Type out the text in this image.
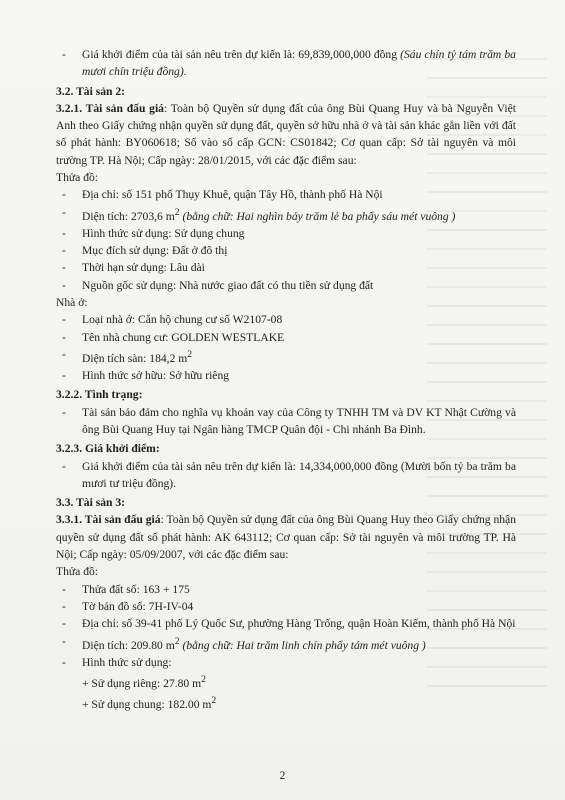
- Giá khởi điểm của tài sản nêu trên dự kiến là: 69,839,000,000 đồng (Sáu chín tỷ tám trăm ba mươi chín triệu đồng).

3.2. Tài sản 2:

3.2.1. Tài sản đấu giá: Toàn bộ Quyền sử dụng đất của ông Bùi Quang Huy và bà Nguyễn Việt Anh theo Giấy chứng nhận quyền sử dụng đất, quyền sở hữu nhà ở và tài sản khác gắn liền với đất số phát hành: BY060618; Số vào số cấp GCN: CS01842; Cơ quan cấp: Sở tài nguyên và môi trường TP. Hà Nội; Cấp ngày: 28/01/2015, với các đặc điểm sau:

Thửa đồ:

- Địa chỉ: số 151 phố Thụy Khuê, quận Tây Hồ, thành phố Hà Nội

- Diện tích: 2703,6 $m^2$ (bằng chữ: Hai nghìn bảy trăm lẻ ba phẩy sáu mét vuông )

- Hình thức sử dụng: Sử dụng chung

- Mục đích sử dụng: Đất ở đô thị

- Thời hạn sử dụng: Lâu dài

- Nguồn gốc sử dụng: Nhà nước giao đất có thu tiền sử dụng đất

Nhà ở:

- Loại nhà ở: Căn hộ chung cư số W2107-08

- Tên nhà chung cư: GOLDEN WESTLAKE

- Diện tích sàn: 184,2 $m^2$

- Hình thức sở hữu: Sở hữu riêng

3.2.2. Tình trạng:

- Tài sản bảo đảm cho nghĩa vụ khoản vay của Công ty TNHH TM và DV KT Nhật Cường và ông Bùi Quang Huy tại Ngân hàng TMCP Quân đội - Chi nhánh Ba Đình.

3.2.3. Giá khởi điểm:

- Giá khởi điểm của tài sản nêu trên dự kiến là: 14,334,000,000 đồng (Mười bốn tỷ ba trăm ba mươi tư triệu đồng).

3.3. Tài sản 3:

3.3.1. Tài sản đấu giá: Toàn bộ Quyền sử dụng đất của ông Bùi Quang Huy theo Giấy chứng nhận quyền sử dụng đất số phát hành: AK 643112; Cơ quan cấp: Sở tài nguyên và môi trường TP. Hà Nội; Cấp ngày: 05/09/2007, với các đặc điểm sau:

Thửa đồ:

- Thửa đất số: 163 + 175

- Tờ bản đồ số: 7H-IV-04

- Địa chỉ: số 39-41 phố Lý Quốc Sư, phường Hàng Trống, quận Hoàn Kiếm, thành phố Hà Nội

- Diện tích: 209.80 $m^2$ (bằng chữ: Hai trăm linh chín phẩy tám mét vuông )

- Hình thức sử dụng:

+ Sử dụng riêng: 27.80 $m^2$

+ Sử dụng chung: 182.00 $m^2$

2
